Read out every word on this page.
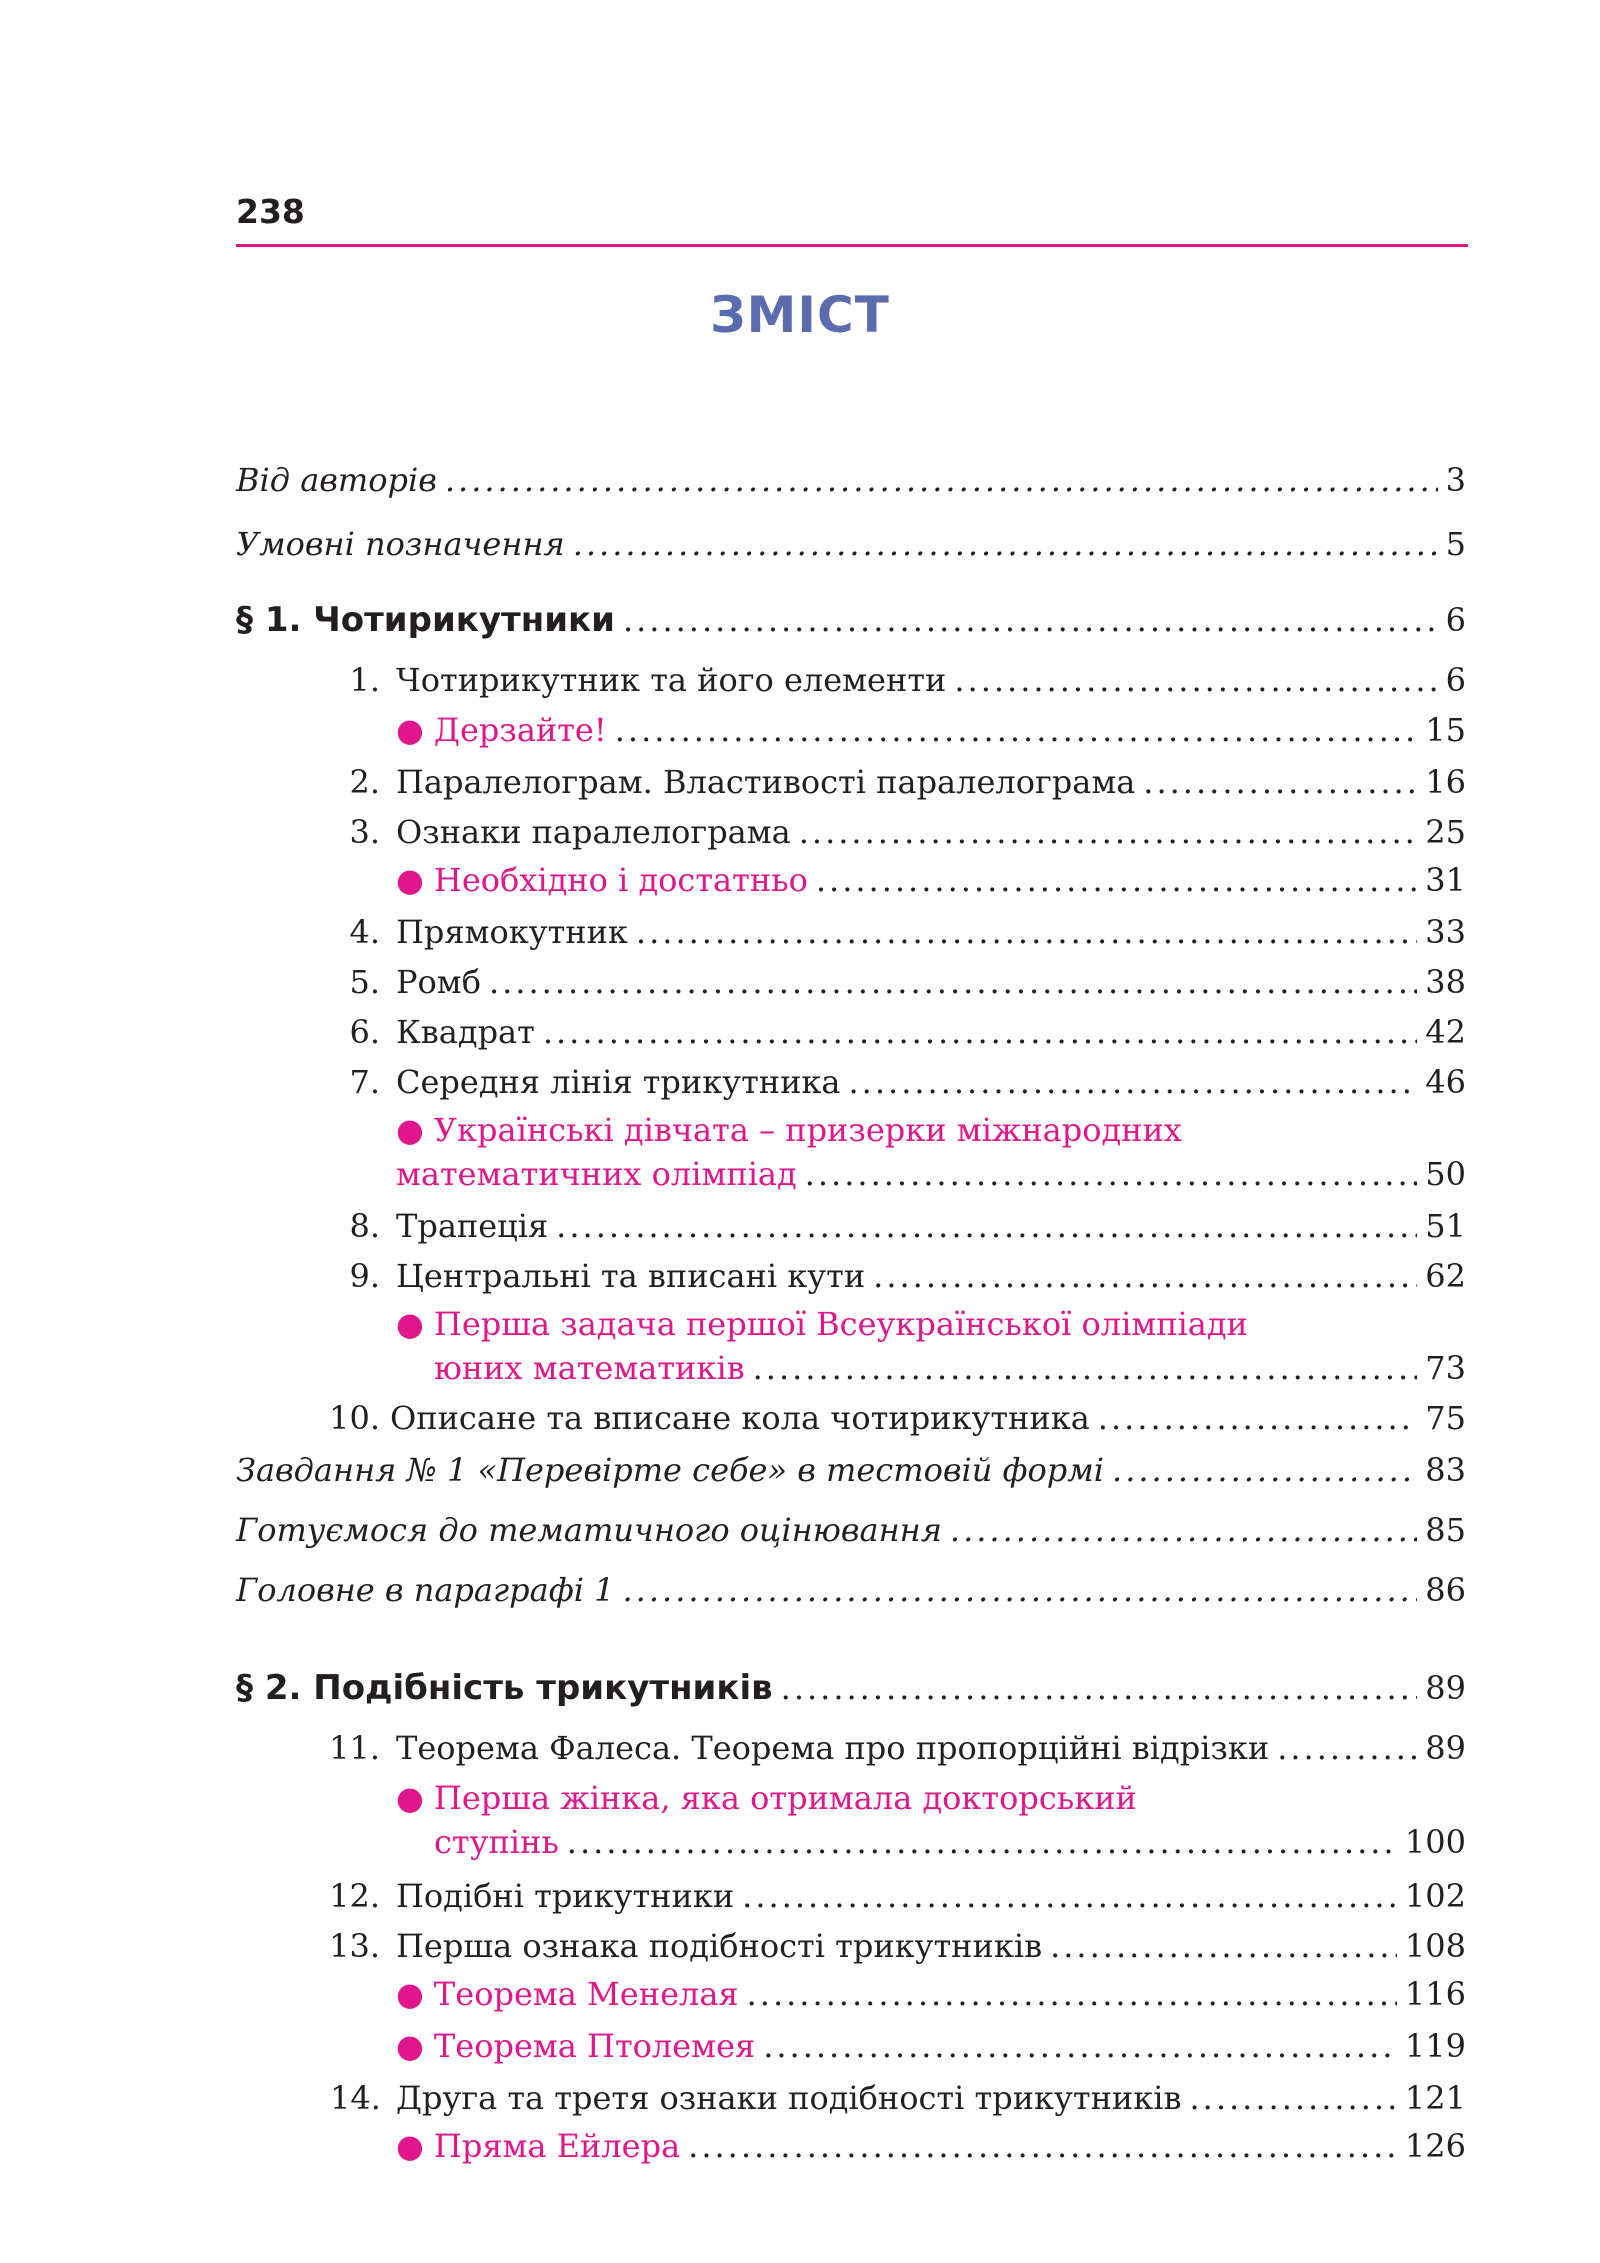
238
ЗМІСТ
Від авторів .....	3
Умовні позначення .....	5
§ 1. Чотирикутники .....	6
1. Чотирикутник та його елементи .....	6
● Дерзайте! .....	15
2. Паралелограм. Властивості паралелограма .....	16
3. Ознаки паралелограма .....	25
● Необхідно і достатньо .....	31
4. Прямокутник .....	33
5. Ромб .....	38
6. Квадрат .....	42
7. Середня лінія трикутника .....	46
● Українські дівчата – призерки міжнародних
математичних олімпіад .....	50
8. Трапеція .....	51
9. Центральні та вписані кути .....	62
● Перша задача першої Всеукраїнської олімпіади
юних математиків .....	73
10. Описане та вписане кола чотирикутника .....	75
Завдання № 1 «Перевірте себе» в тестовій формі .....	83
Готуємося до тематичного оцінювання .....	85
Головне в параграфі 1 .....	86
§ 2. Подібність трикутників .....	89
11. Теорема Фалеса. Теорема про пропорційні відрізки .....	89
● Перша жінка, яка отримала докторський
ступінь .....	100
12. Подібні трикутники .....	102
13. Перша ознака подібності трикутників .....	108
● Теорема Менелая .....	116
● Теорема Птолемея .....	119
14. Друга та третя ознаки подібності трикутників .....	121
● Пряма Ейлера .....	126
